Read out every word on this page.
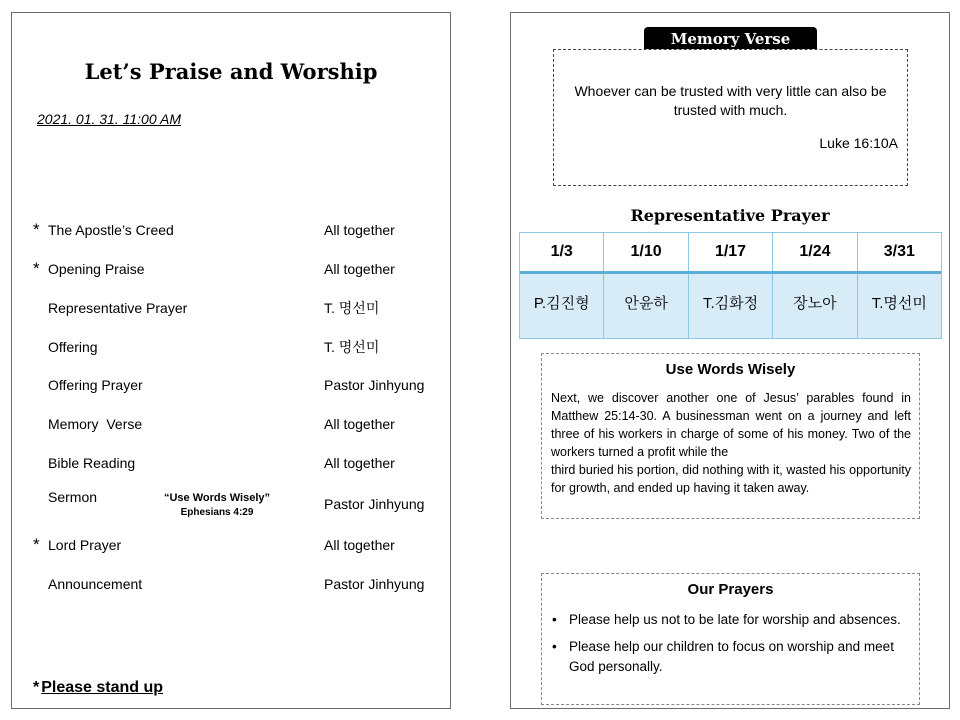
Let’s Praise and Worship
2021. 01. 31. 11:00 AM
* The Apostle’s Creed	All together
* Opening Praise	All together
Representative Prayer	T. 명선미
Offering	T. 명선미
Offering Prayer	Pastor Jinhyung
Memory  Verse	All together
Bible Reading	All together
Sermon	Pastor Jinhyung
“Use Words Wisely”
Ephesians 4:29
* Lord Prayer	All together
Announcement	Pastor Jinhyung
* Please stand up
Memory Verse
Whoever can be trusted with very little can also be trusted with much.
Luke 16:10A
Representative Prayer
1/3	1/10	1/17	1/24	3/31
P.김진형	안윤하	T.김화정	장노아	T.명선미
Use Words Wisely

Next, we discover another one of Jesus’ parables found in Matthew 25:14-30. A businessman went on a journey and left three of his workers in charge of some of his money. Two of the workers turned a profit while the

third buried his portion, did nothing with it, wasted his opportunity for growth, and ended up having it taken away.

Our Prayers
• Please help us not to be late for worship and absences.
• Please help our children to focus on worship and meet God personally.
